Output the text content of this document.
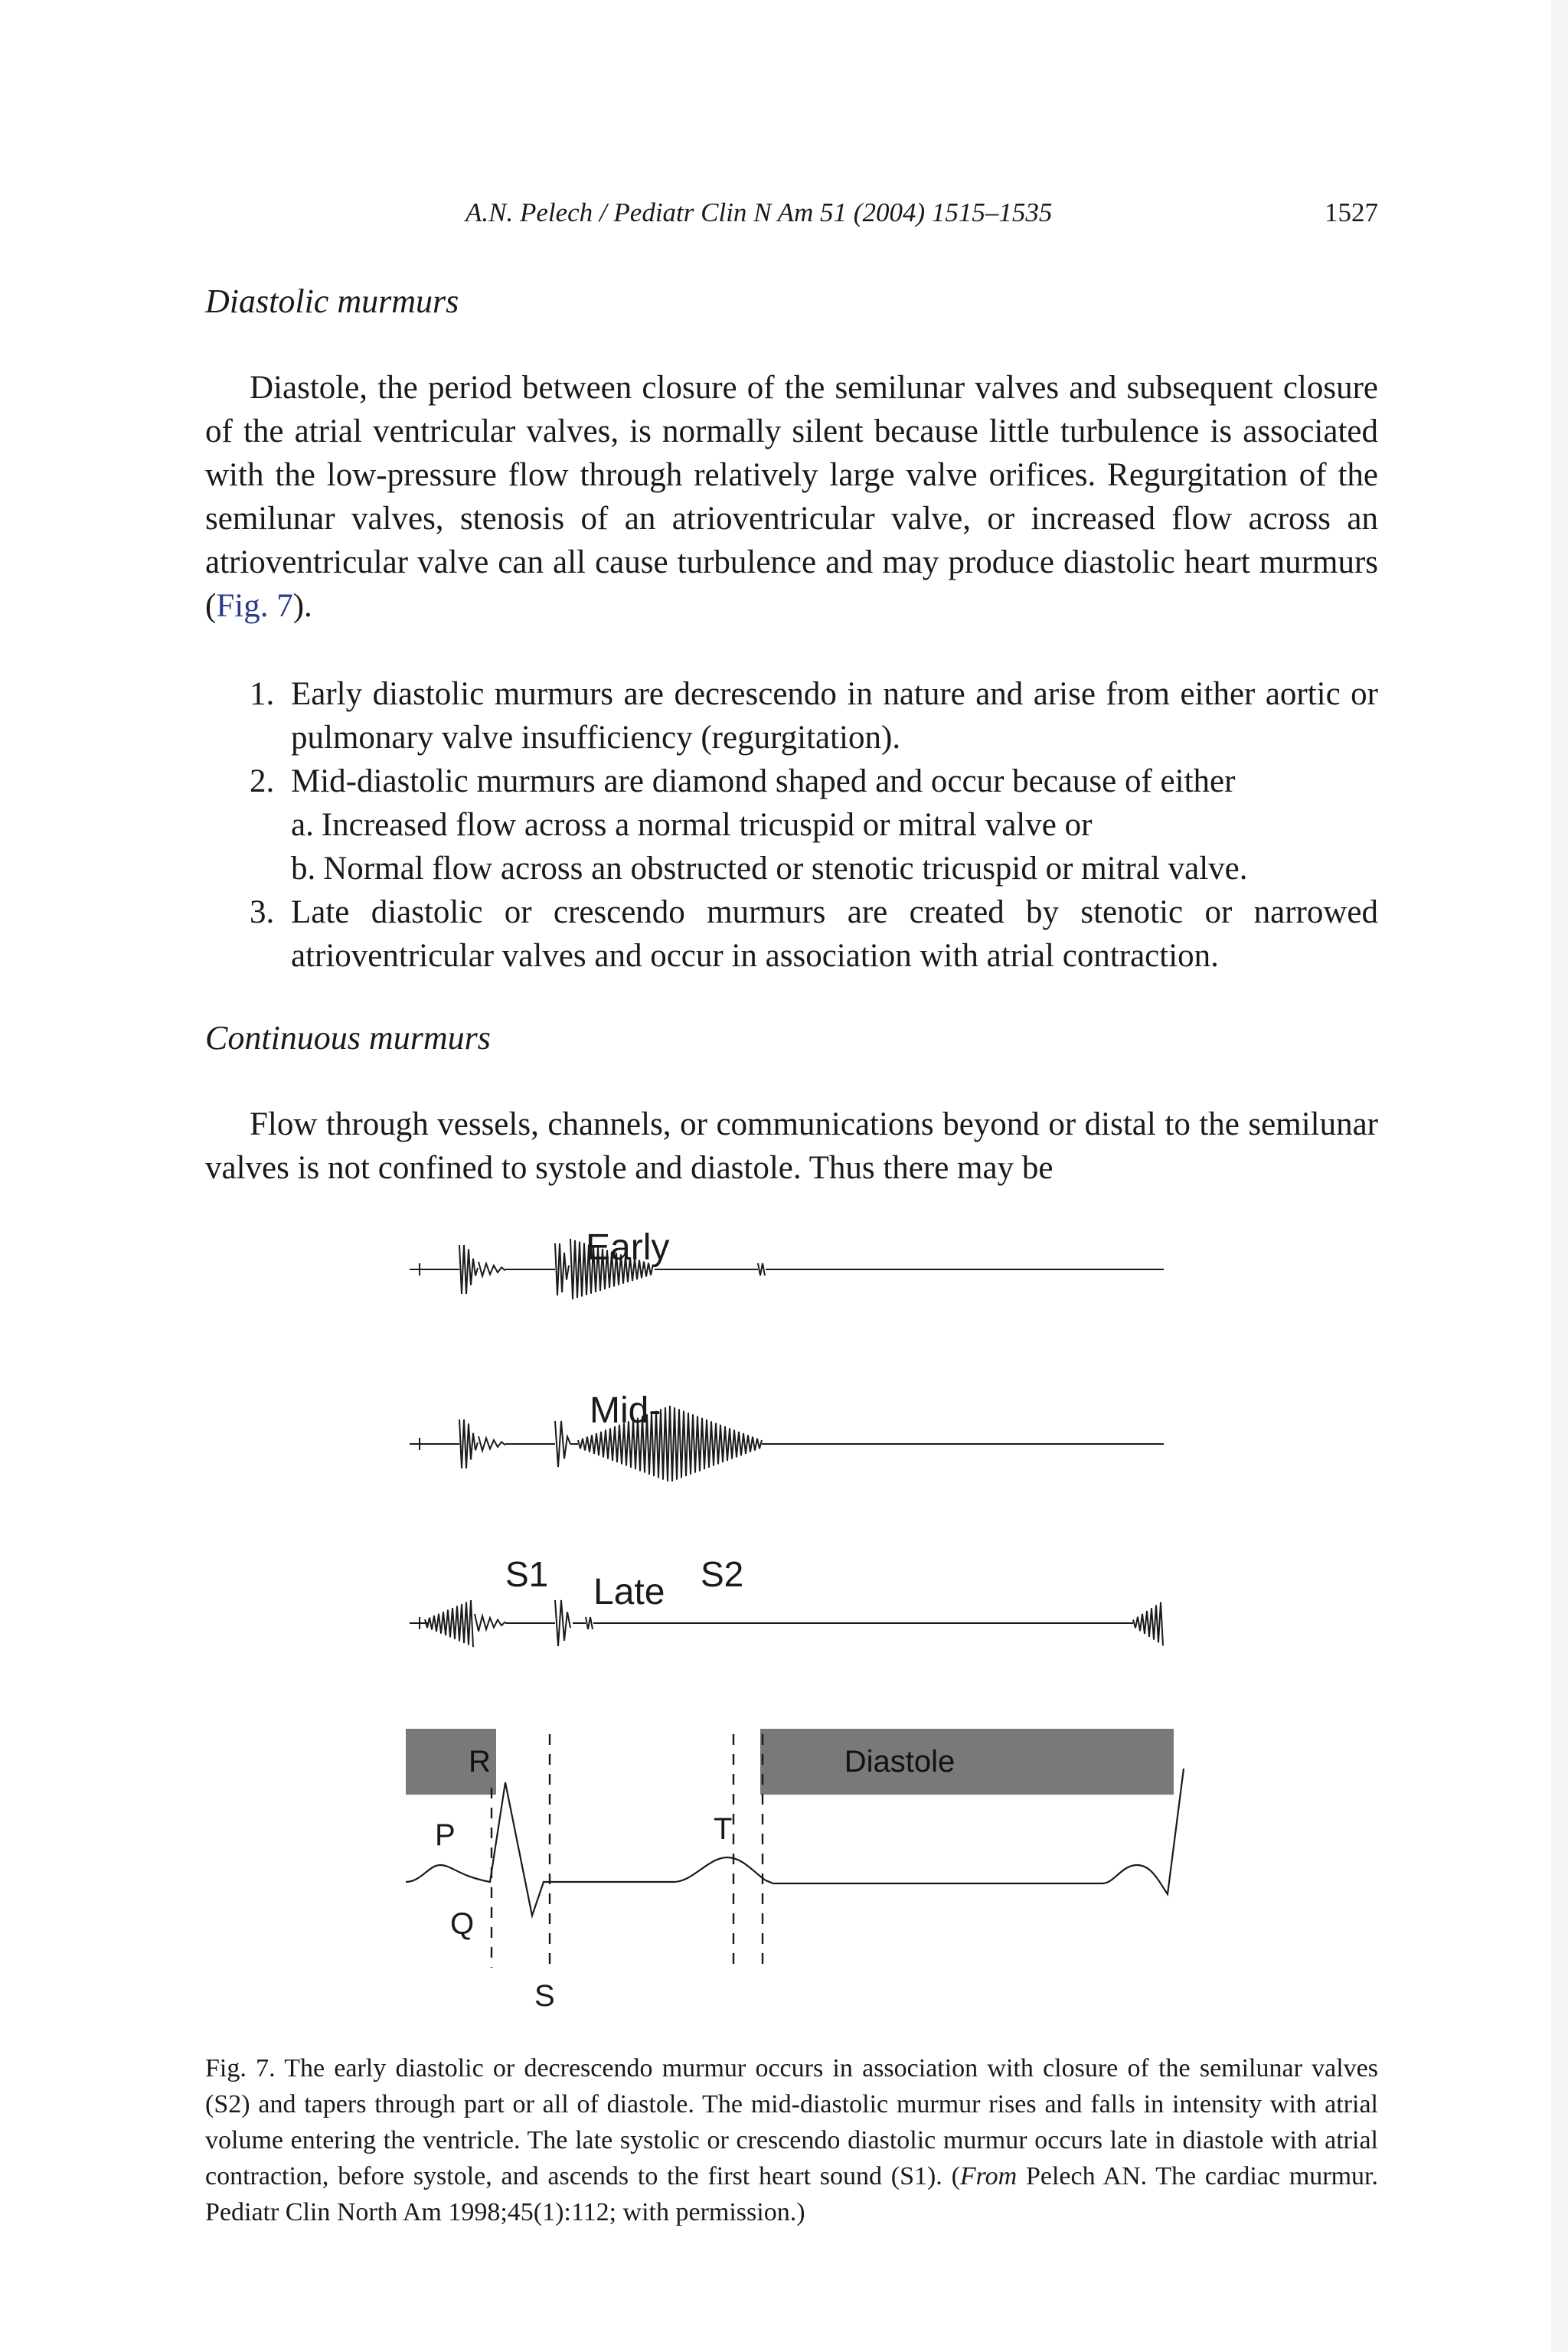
A.N. Pelech / Pediatr Clin N Am 51 (2004) 1515–1535	1527
Diastolic murmurs

Diastole, the period between closure of the semilunar valves and subsequent closure of the atrial ventricular valves, is normally silent because little turbulence is associated with the low-pressure flow through relatively large valve orifices. Regurgitation of the semilunar valves, stenosis of an atrioventricular valve, or increased flow across an atrioventricular valve can all cause turbulence and may produce diastolic heart murmurs (Fig. 7).

1. Early diastolic murmurs are decrescendo in nature and arise from either aortic or pulmonary valve insufficiency (regurgitation).
2. Mid-diastolic murmurs are diamond shaped and occur because of either
a. Increased flow across a normal tricuspid or mitral valve or
b. Normal flow across an obstructed or stenotic tricuspid or mitral valve.
3. Late diastolic or crescendo murmurs are created by stenotic or narrowed atrioventricular valves and occur in association with atrial contraction.
Continuous murmurs

Flow through vessels, channels, or communications beyond or distal to the semilunar valves is not confined to systole and diastole. Thus there may be

Early
Mid-
S1 Late S2
R	Diastole
P
Q
S
T

Fig. 7. The early diastolic or decrescendo murmur occurs in association with closure of the semilunar valves (S2) and tapers through part or all of diastole. The mid-diastolic murmur rises and falls in intensity with atrial volume entering the ventricle. The late systolic or crescendo diastolic murmur occurs late in diastole with atrial contraction, before systole, and ascends to the first heart sound (S1). (From Pelech AN. The cardiac murmur. Pediatr Clin North Am 1998;45(1):112; with permission.)
